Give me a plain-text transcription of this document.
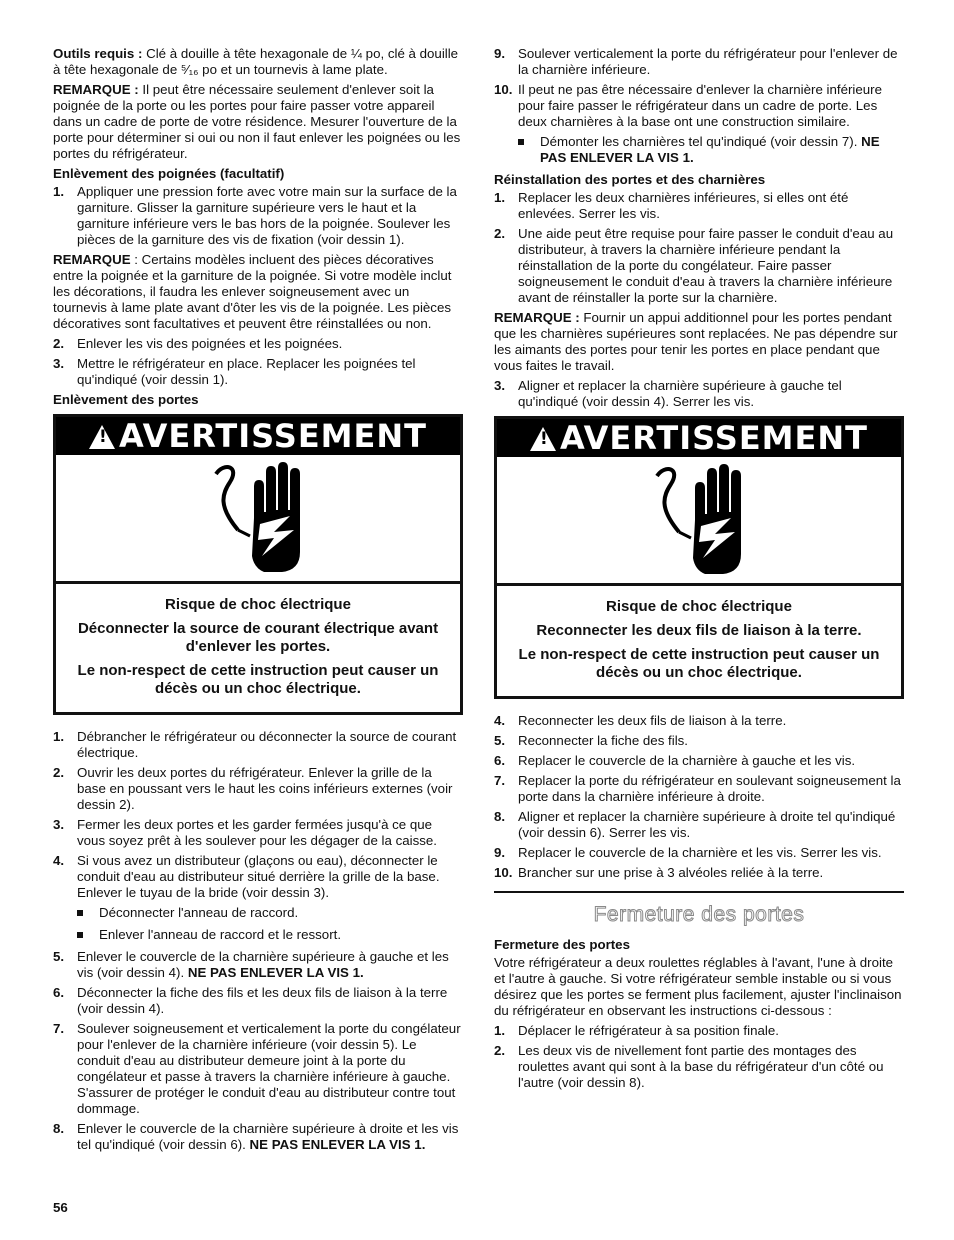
Outils requis : Clé à douille à tête hexagonale de ¼ po, clé à douille à tête hexagonale de ⁵⁄₁₆ po et un tournevis à lame plate.

REMARQUE : Il peut être nécessaire seulement d'enlever soit la poignée de la porte ou les portes pour faire passer votre appareil dans un cadre de porte de votre résidence. Mesurer l'ouverture de la porte pour déterminer si oui ou non il faut enlever les poignées ou les portes du réfrigérateur.

Enlèvement des poignées (facultatif)
1. Appliquer une pression forte avec votre main sur la surface de la garniture. Glisser la garniture supérieure vers le haut et la garniture inférieure vers le bas hors de la poignée. Soulever les pièces de la garniture des vis de fixation (voir dessin 1).

REMARQUE : Certains modèles incluent des pièces décoratives entre la poignée et la garniture de la poignée. Si votre modèle inclut les décorations, il faudra les enlever soigneusement avec un tournevis à lame plate avant d'ôter les vis de la poignée. Les pièces décoratives sont facultatives et peuvent être réinstallées ou non.

2. Enlever les vis des poignées et les poignées.
3. Mettre le réfrigérateur en place. Replacer les poignées tel qu'indiqué (voir dessin 1).
Enlèvement des portes
!AVERTISSEMENT

Risque de choc électrique

Déconnecter la source de courant électrique avant d'enlever les portes.

Le non-respect de cette instruction peut causer un décès ou un choc électrique.

1. Débrancher le réfrigérateur ou déconnecter la source de courant électrique.
2. Ouvrir les deux portes du réfrigérateur. Enlever la grille de la base en poussant vers le haut les coins inférieurs externes (voir dessin 2).
3. Fermer les deux portes et les garder fermées jusqu'à ce que vous soyez prêt à les soulever pour les dégager de la caisse.
4. Si vous avez un distributeur (glaçons ou eau), déconnecter le conduit d'eau au distributeur situé derrière la grille de la base. Enlever le tuyau de la bride (voir dessin 3).
Déconnecter l'anneau de raccord.
Enlever l'anneau de raccord et le ressort.
5. Enlever le couvercle de la charnière supérieure à gauche et les vis (voir dessin 4). NE PAS ENLEVER LA VIS 1.
6. Déconnecter la fiche des fils et les deux fils de liaison à la terre (voir dessin 4).
7. Soulever soigneusement et verticalement la porte du congélateur pour l'enlever de la charnière inférieure (voir dessin 5). Le conduit d'eau au distributeur demeure joint à la porte du congélateur et passe à travers la charnière inférieure à gauche. S'assurer de protéger le conduit d'eau au distributeur contre tout dommage.
8. Enlever le couvercle de la charnière supérieure à droite et les vis tel qu'indiqué (voir dessin 6). NE PAS ENLEVER LA VIS 1.
9. Soulever verticalement la porte du réfrigérateur pour l'enlever de la charnière inférieure.
10. Il peut ne pas être nécessaire d'enlever la charnière inférieure pour faire passer le réfrigérateur dans un cadre de porte. Les deux charnières à la base ont une construction similaire.
Démonter les charnières tel qu'indiqué (voir dessin 7). NE PAS ENLEVER LA VIS 1.
Réinstallation des portes et des charnières
1. Replacer les deux charnières inférieures, si elles ont été enlevées. Serrer les vis.
2. Une aide peut être requise pour faire passer le conduit d'eau au distributeur, à travers la charnière inférieure pendant la réinstallation de la porte du congélateur. Faire passer soigneusement le conduit d'eau à travers la charnière inférieure avant de réinstaller la porte sur la charnière.

REMARQUE : Fournir un appui additionnel pour les portes pendant que les charnières supérieures sont replacées. Ne pas dépendre sur les aimants des portes pour tenir les portes en place pendant que vous faites le travail.

3. Aligner et replacer la charnière supérieure à gauche tel qu'indiqué (voir dessin 4). Serrer les vis.
!AVERTISSEMENT

Risque de choc électrique

Reconnecter les deux fils de liaison à la terre.

Le non-respect de cette instruction peut causer un décès ou un choc électrique.

4. Reconnecter les deux fils de liaison à la terre.
5. Reconnecter la fiche des fils.
6. Replacer le couvercle de la charnière à gauche et les vis.
7. Replacer la porte du réfrigérateur en soulevant soigneusement la porte dans la charnière inférieure à droite.
8. Aligner et replacer la charnière supérieure à droite tel qu'indiqué (voir dessin 6). Serrer les vis.
9. Replacer le couvercle de la charnière et les vis. Serrer les vis.
10. Brancher sur une prise à 3 alvéoles reliée à la terre.
Fermeture des portes
Fermeture des portes

Votre réfrigérateur a deux roulettes réglables à l'avant, l'une à droite et l'autre à gauche. Si votre réfrigérateur semble instable ou si vous désirez que les portes se ferment plus facilement, ajuster l'inclinaison du réfrigérateur en observant les instructions ci-dessous :

1. Déplacer le réfrigérateur à sa position finale.
2. Les deux vis de nivellement font partie des montages des roulettes avant qui sont à la base du réfrigérateur d'un côté ou l'autre (voir dessin 8).
56
